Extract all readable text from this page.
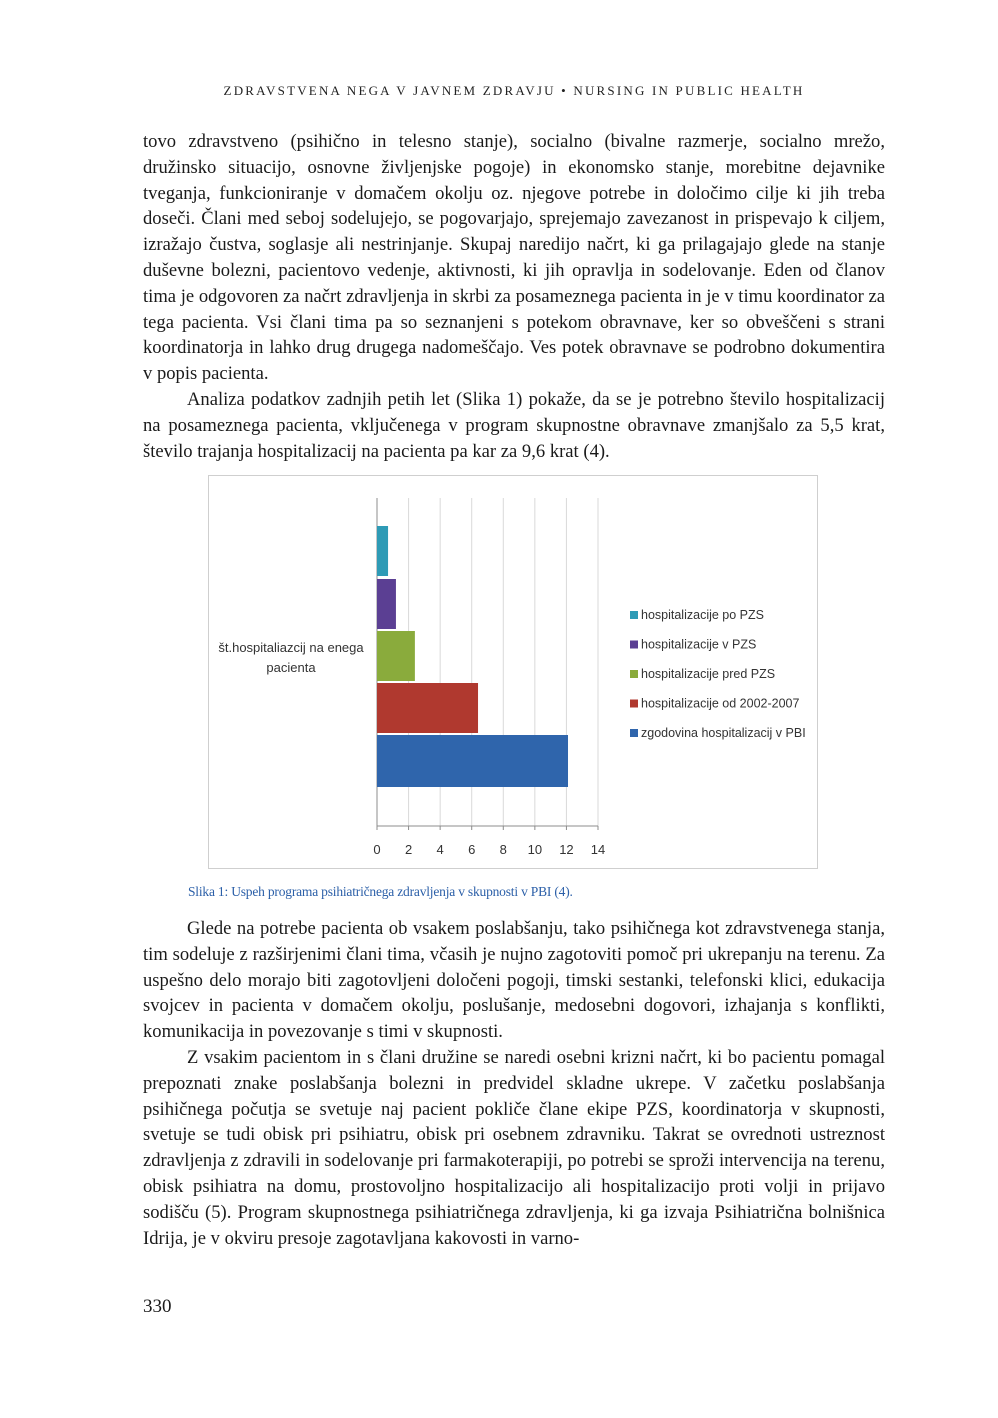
ZDRAVSTVENA NEGA V JAVNEM ZDRAVJU • NURSING IN PUBLIC HEALTH

tovo zdravstveno (psihično in telesno stanje), socialno (bivalne razmerje, socialno mrežo, družinsko situacijo, osnovne življenjske pogoje) in ekonomsko stanje, morebitne dejavnike tveganja, funkcioniranje v domačem okolju oz. njegove potrebe in določimo cilje ki jih treba doseči. Člani med seboj sodelujejo, se pogovarjajo, sprejemajo zavezanost in prispevajo k ciljem, izražajo čustva, soglasje ali nestrinjanje. Skupaj naredijo načrt, ki ga prilagajajo glede na stanje duševne bolezni, pacientovo vedenje, aktivnosti, ki jih opravlja in sodelovanje. Eden od članov tima je odgovoren za načrt zdravljenja in skrbi za posameznega pacienta in je v timu koordinator za tega pacienta. Vsi člani tima pa so seznanjeni s potekom obravnave, ker so obveščeni s strani koordinatorja in lahko drug drugega nadomeščajo. Ves potek obravnave se podrobno dokumentira v popis pacienta.

Analiza podatkov zadnjih petih let (Slika 1) pokaže, da se je potrebno število hospitalizacij na posameznega pacienta, vključenega v program skupnostne obravnave zmanjšalo za 5,5 krat, število trajanja hospitalizacij na pacienta pa kar za 9,6 krat (4).

0 2 4 6 8 10 12 14
št.hospitaliazcij na enega
pacienta
hospitalizacije po PZS
hospitalizacije v PZS
hospitalizacije pred PZS
hospitalizacije od 2002-2007
zgodovina hospitalizacij v PBI
Slika 1: Uspeh programa psihiatričnega zdravljenja v skupnosti v PBI (4).

Glede na potrebe pacienta ob vsakem poslabšanju, tako psihičnega kot zdravstvenega stanja, tim sodeluje z razširjenimi člani tima, včasih je nujno zagotoviti pomoč pri ukrepanju na terenu. Za uspešno delo morajo biti zagotovljeni določeni pogoji, timski sestanki, telefonski klici, edukacija svojcev in pacienta v domačem okolju, poslušanje, medosebni dogovori, izhajanja s konflikti, komunikacija in povezovanje s timi v skupnosti.

Z vsakim pacientom in s člani družine se naredi osebni krizni načrt, ki bo pacientu pomagal prepoznati znake poslabšanja bolezni in predvidel skladne ukrepe. V začetku poslabšanja psihičnega počutja se svetuje naj pacient pokliče člane ekipe PZS, koordinatorja v skupnosti, svetuje se tudi obisk pri psihiatru, obisk pri osebnem zdravniku. Takrat se ovrednoti ustreznost zdravljenja z zdravili in sodelovanje pri farmakoterapiji, po potrebi se sproži intervencija na terenu, obisk psihiatra na domu, prostovoljno hospitalizacijo ali hospitalizacijo proti volji in prijavo sodišču (5). Program skupnostnega psihiatričnega zdravljenja, ki ga izvaja Psihiatrična bolnišnica Idrija, je v okviru presoje zagotavljana kakovosti in varno-

330
